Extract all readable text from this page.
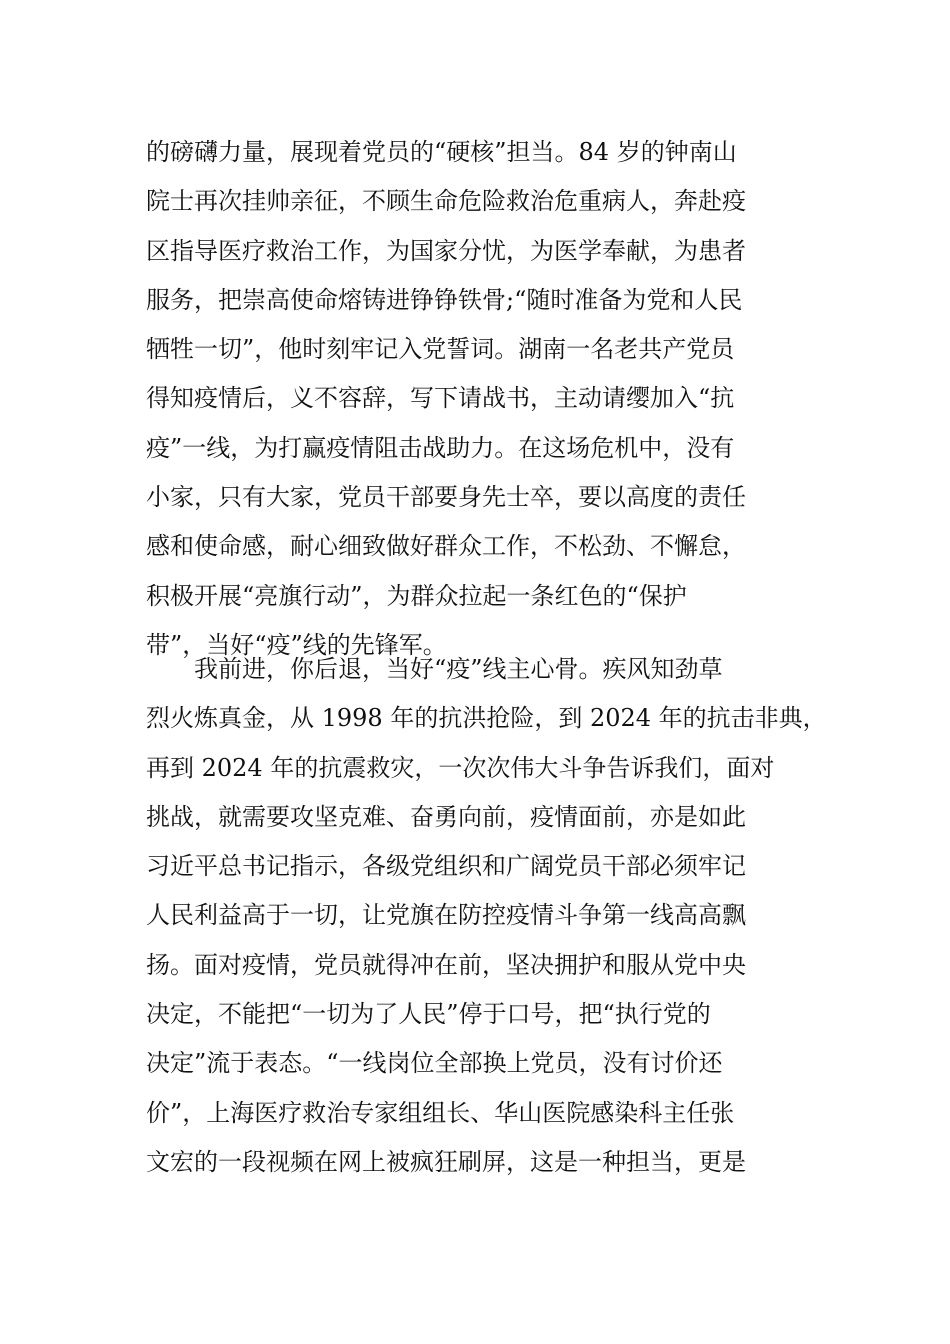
的磅礴力量，展现着党员的“硬核”担当。84 岁的钟南山
院士再次挂帅亲征，不顾生命危险救治危重病人，奔赴疫
区指导医疗救治工作，为国家分忧，为医学奉献，为患者
服务，把崇高使命熔铸进铮铮铁骨;“随时准备为党和人民
牺牲一切”，他时刻牢记入党誓词。湖南一名老共产党员
得知疫情后，义不容辞，写下请战书，主动请缨加入“抗
疫”一线，为打赢疫情阻击战助力。在这场危机中，没有
小家，只有大家，党员干部要身先士卒，要以高度的责任
感和使命感，耐心细致做好群众工作，不松劲、不懈怠，
积极开展“亮旗行动”，为群众拉起一条红色的“保护
带”，当好“疫”线的先锋军。
　　我前进，你后退，当好“疫”线主心骨。疾风知劲草
烈火炼真金，从 1998 年的抗洪抢险，到 2024 年的抗击非典，
再到 2024 年的抗震救灾，一次次伟大斗争告诉我们，面对
挑战，就需要攻坚克难、奋勇向前，疫情面前，亦是如此
习近平总书记指示，各级党组织和广阔党员干部必须牢记
人民利益高于一切，让党旗在防控疫情斗争第一线高高飘
扬。面对疫情，党员就得冲在前，坚决拥护和服从党中央
决定，不能把“一切为了人民”停于口号，把“执行党的
决定”流于表态。“一线岗位全部换上党员，没有讨价还
价”，上海医疗救治专家组组长、华山医院感染科主任张
文宏的一段视频在网上被疯狂刷屏，这是一种担当，更是
